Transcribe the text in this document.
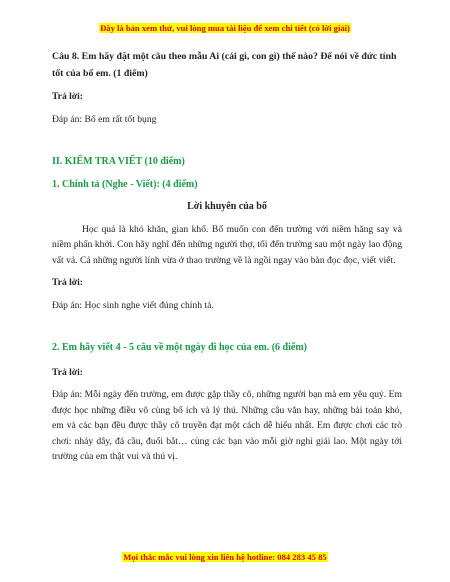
Đây là bản xem thử, vui lòng mua tài liệu để xem chi tiết (có lời giải)

Câu 8. Em hãy đặt một câu theo mẫu Ai (cái gì, con gì) thế nào? Để nói về đức tính tốt của bố em. (1 điểm)

Trả lời:

Đáp án: Bố em rất tốt bụng

II. KIỂM TRA VIẾT (10 điểm)

1. Chính tả (Nghe - Viết): (4 điểm)

Lời khuyên của bố

Học quả là khó khăn, gian khổ. Bố muốn con đến trường với niềm hăng say và niềm phấn khởi. Con hãy nghĩ đến những người thợ, tối đến trường sau một ngày lao động vất vả. Cả những người lính vừa ở thao trường về là ngồi ngay vào bàn đọc đọc, viết viết.

Trả lời:

Đáp án: Học sinh nghe viết đúng chính tả.

2. Em hãy viết 4 - 5 câu về một ngày đi học của em. (6 điểm)

Trả lời:

Đáp án: Mỗi ngày đến trường, em được gặp thầy cô, những người bạn mà em yêu quý. Em được học những điều vô cùng bổ ích và lý thú. Những câu văn hay, những bài toán khó, em và các bạn đều được thầy cô truyền đạt một cách dễ hiểu nhất. Em được chơi các trò chơi: nhảy dây, đá cầu, đuổi bắt… cùng các bạn vào mỗi giờ nghỉ giải lao. Một ngày tới trường của em thật vui và thú vị.

Mọi thắc mắc vui lòng xin liên hệ hotline: 084 283 45 85
